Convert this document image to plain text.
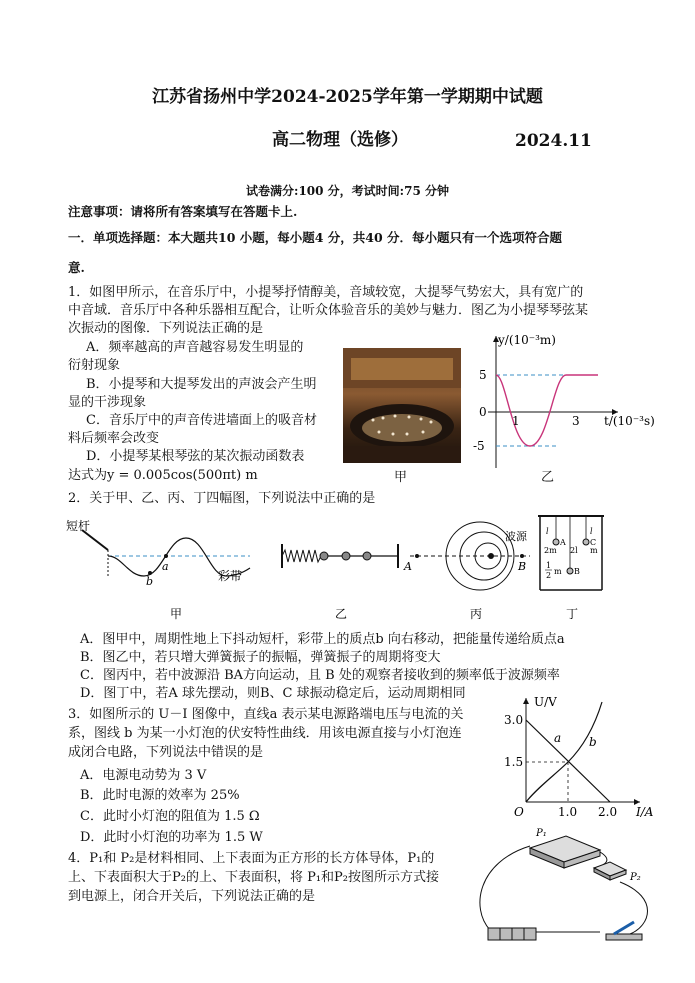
江苏省扬州中学2024-2025学年第一学期期中试题
高二物理（选修）	2024.11
试卷满分:100 分，考试时间:75 分钟
注意事项：请将所有答案填写在答题卡上.
一．单项选择题：本大题共10 小题，每小题4 分，共40 分．每小题只有一个选项符合题
意.
1．如图甲所示，在音乐厅中，小提琴抒情醇美，音域较宽，大提琴气势宏大，具有宽广的
中音域．音乐厅中各种乐器相互配合，让听众体验音乐的美妙与魅力．图乙为小提琴琴弦某
次振动的图像．下列说法正确的是
A．频率越高的声音越容易发生明显的
衍射现象
B．小提琴和大提琴发出的声波会产生明
显的干涉现象
C．音乐厅中的声音传进墙面上的吸音材
料后频率会改变
D．小提琴某根琴弦的某次振动函数表
达式为y = 0.005cos(500πt) m	甲
y/(10⁻³m)
t/(10⁻³s)
5
0
-5
1	3
乙
2．关于甲、乙、丙、丁四幅图，下列说法中正确的是
短杆
彩带
a
b
A	B
波源 l
A
2m
l
C
2l m
1
2 m B
甲	乙	丙	丁
A．图甲中，周期性地上下抖动短杆，彩带上的质点b 向右移动，把能量传递给质点a
B．图乙中，若只增大弹簧振子的振幅，弹簧振子的周期将变大
C．图丙中，若中波源沿 BA方向运动，且 B 处的观察者接收到的频率低于波源频率
D．图丁中，若A 球先摆动，则B、C 球振动稳定后，运动周期相同
3．如图所示的 U－I 图像中，直线a 表示某电源路端电压与电流的关
系，图线 b 为某一小灯泡的伏安特性曲线．用该电源直接与小灯泡连
成闭合电路，下列说法中错误的是
A．电源电动势为 3 V
B．此时电源的效率为 25%
C．此时小灯泡的阻值为 1.5 Ω
D．此时小灯泡的功率为 1.5 W
U/V
I/A
3.0
1.5
1.0 2.0
O
a b
4．P₁和 P₂是材料相同、上下表面为正方形的长方体导体，P₁的
上、下表面积大于P₂的上、下表面积，将 P₁和P₂按图所示方式接
到电源上，闭合开关后，下列说法正确的是
P₁
P₂
